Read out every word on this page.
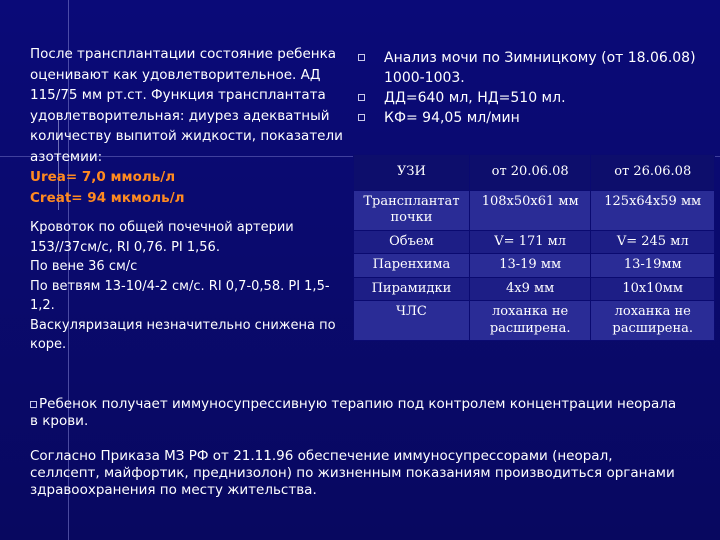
После трансплантации состояние ребенка оценивают как удовлетворительное. АД 115/75 мм рт.ст. Функция трансплантата удовлетворительная: диурез адекватный количеству выпитой жидкости, показатели азотемии:
Urea= 7,0 ммоль/л
Creat= 94 мкмоль/л
Кровоток по общей почечной артерии
153//37см/с, RI 0,76. PI 1,56.
По вене 36 см/с
По ветвям 13-10/4-2 см/с. RI 0,7-0,58. PI 1,5-1,2.
Васкуляризация незначительно снижена по коре.
Анализ мочи по Зимницкому (от 18.06.08) 1000-1003.
ДД=640 мл, НД=510 мл.
КФ= 94,05 мл/мин
УЗИ	от 20.06.08	от 26.06.08
Трансплантат почки	108х50х61 мм	125х64х59 мм
Объем	V= 171 мл	V= 245 мл
Паренхима	13-19 мм	13-19мм
Пирамидки	4х9 мм	10х10мм
ЧЛС	лоханка не расширена.	лоханка не расширена.
Ребенок получает иммуносупрессивную терапию под контролем концентрации неорала в крови.
Согласно Приказа МЗ РФ от 21.11.96 обеспечение иммуносупрессорами (неорал, селлсепт, майфортик, преднизолон) по жизненным показаниям производиться органами здравоохранения по месту жительства.
